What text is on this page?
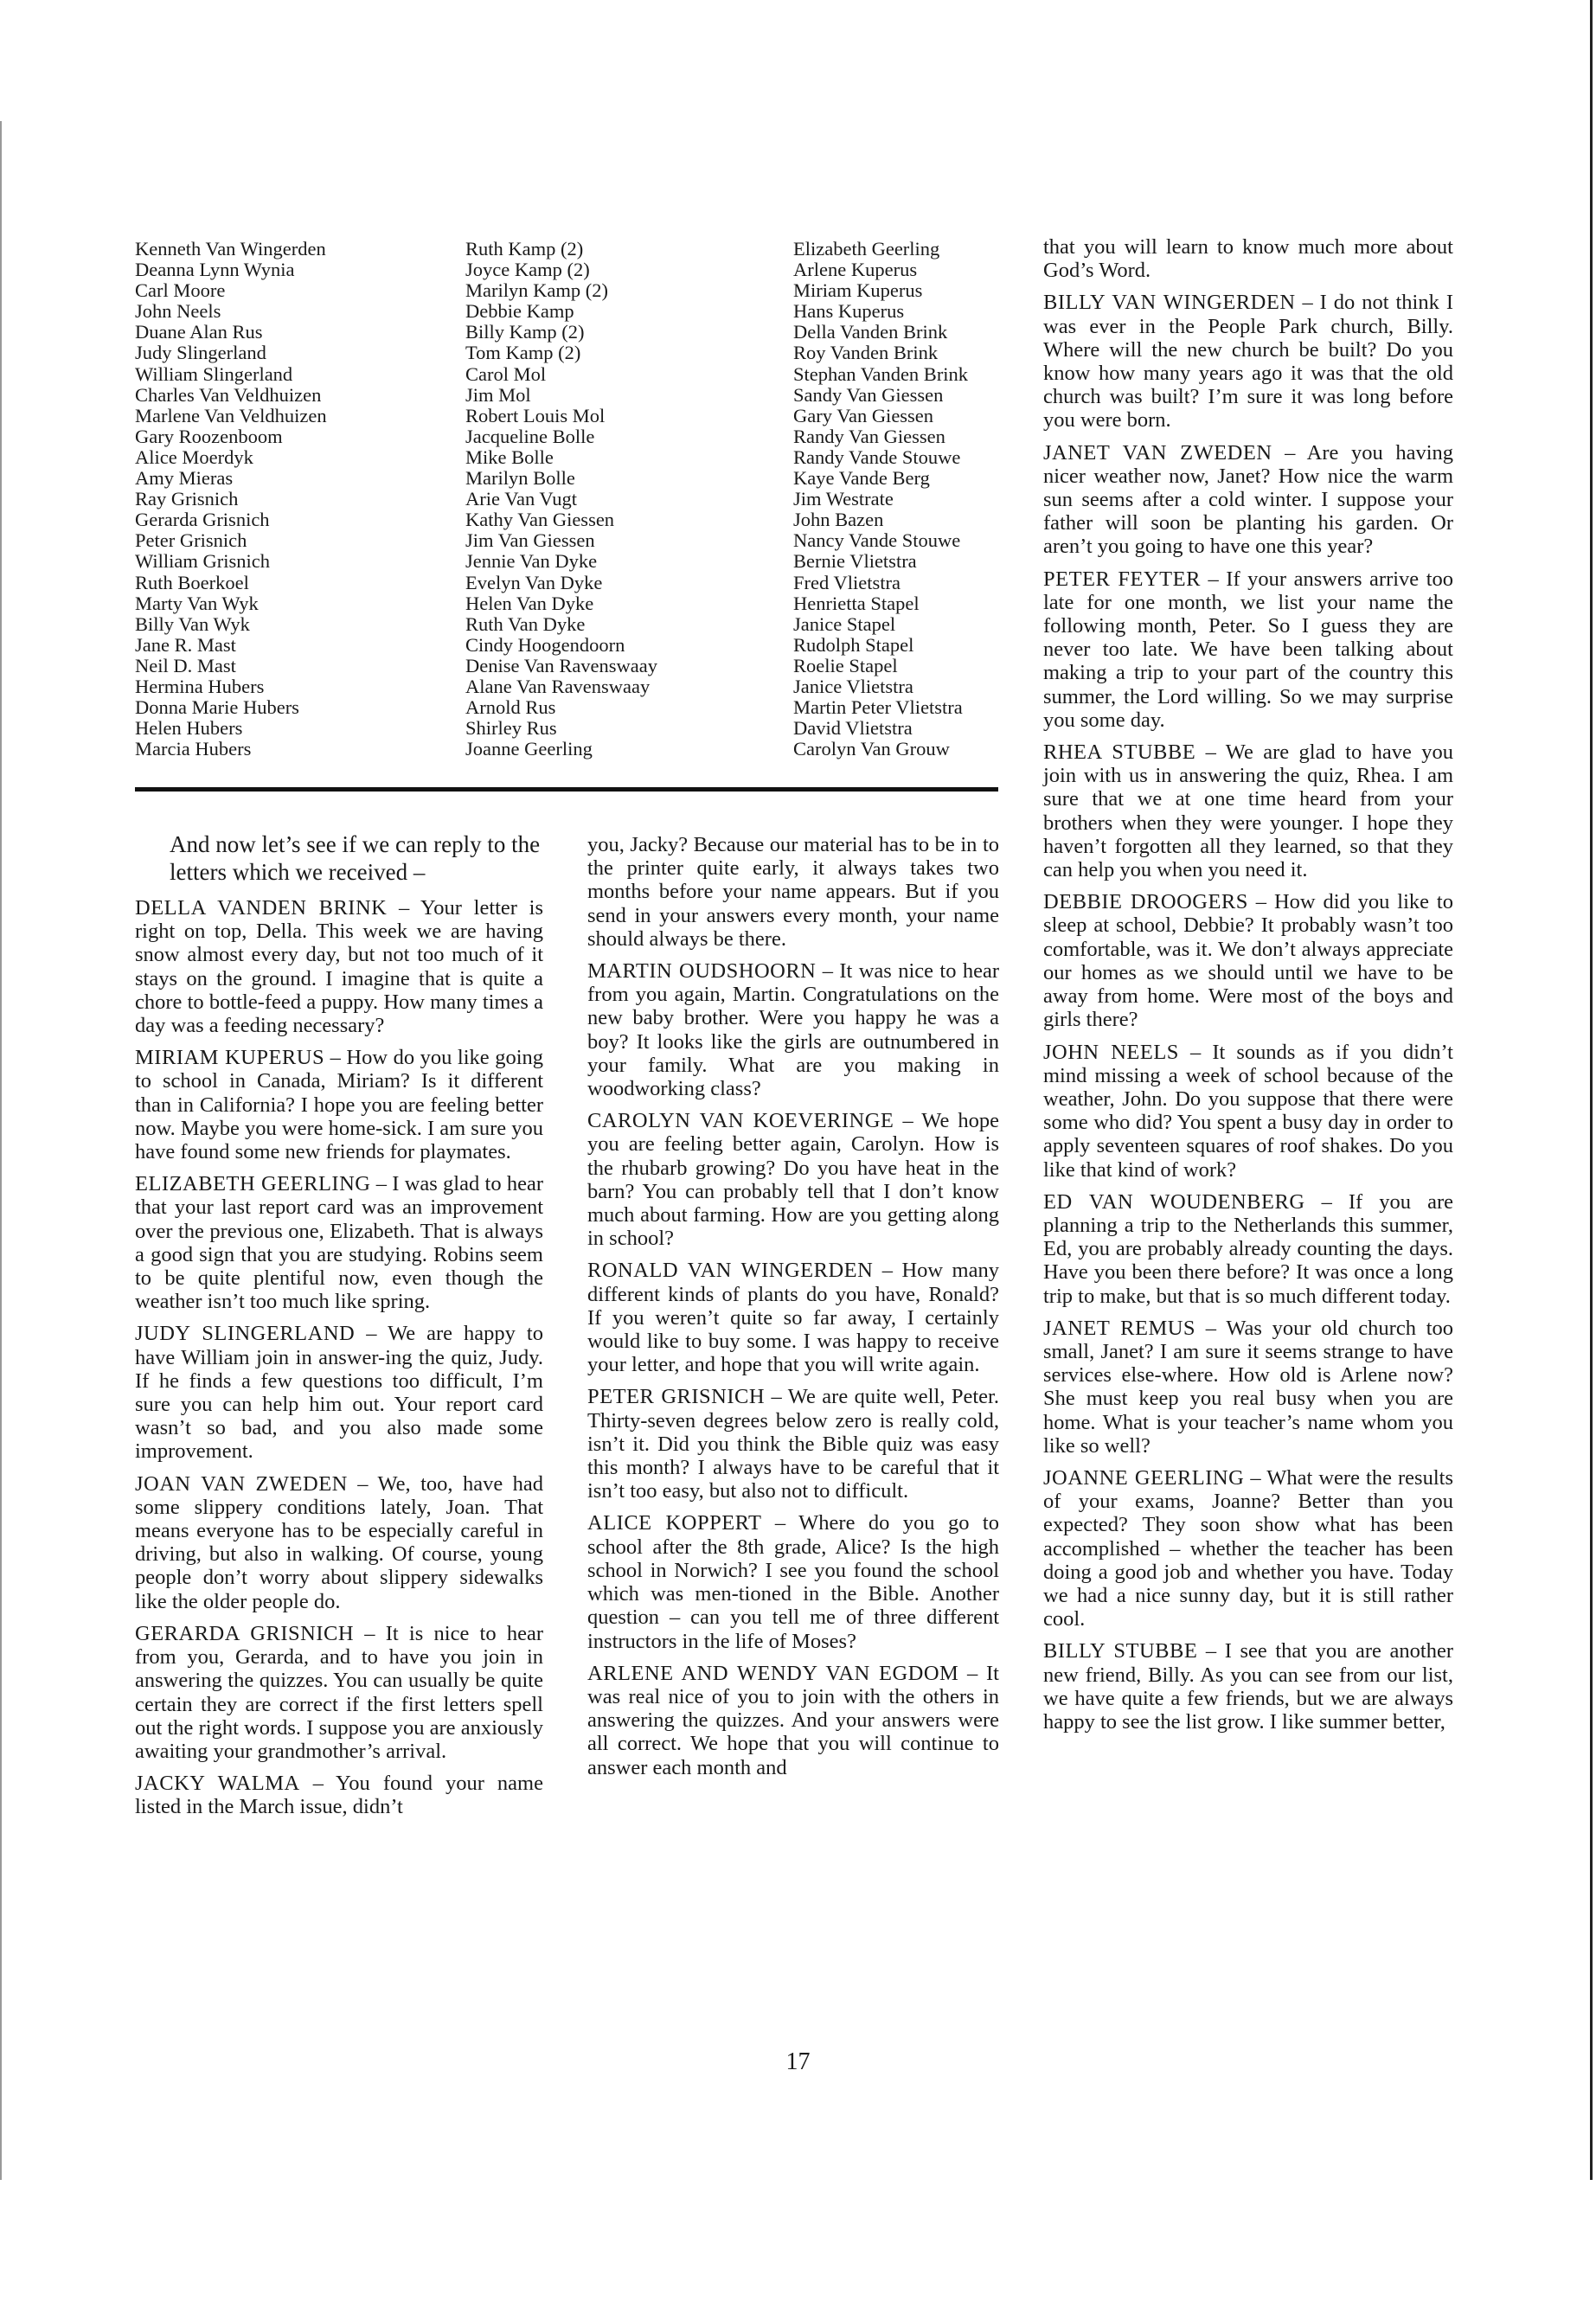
Kenneth Van Wingerden
Deanna Lynn Wynia
Carl Moore
John Neels
Duane Alan Rus
Judy Slingerland
William Slingerland
Charles Van Veldhuizen
Marlene Van Veldhuizen
Gary Roozenboom
Alice Moerdyk
Amy Mieras
Ray Grisnich
Gerarda Grisnich
Peter Grisnich
William Grisnich
Ruth Boerkoel
Marty Van Wyk
Billy Van Wyk
Jane R. Mast
Neil D. Mast
Hermina Hubers
Donna Marie Hubers
Helen Hubers
Marcia Hubers
Ruth Kamp (2)
Joyce Kamp (2)
Marilyn Kamp (2)
Debbie Kamp
Billy Kamp (2)
Tom Kamp (2)
Carol Mol
Jim Mol
Robert Louis Mol
Jacqueline Bolle
Mike Bolle
Marilyn Bolle
Arie Van Vugt
Kathy Van Giessen
Jim Van Giessen
Jennie Van Dyke
Evelyn Van Dyke
Helen Van Dyke
Ruth Van Dyke
Cindy Hoogendoorn
Denise Van Ravenswaay
Alane Van Ravenswaay
Arnold Rus
Shirley Rus
Joanne Geerling
Elizabeth Geerling
Arlene Kuperus
Miriam Kuperus
Hans Kuperus
Della Vanden Brink
Roy Vanden Brink
Stephan Vanden Brink
Sandy Van Giessen
Gary Van Giessen
Randy Van Giessen
Randy Vande Stouwe
Kaye Vande Berg
Jim Westrate
John Bazen
Nancy Vande Stouwe
Bernie Vlietstra
Fred Vlietstra
Henrietta Stapel
Janice Stapel
Rudolph Stapel
Roelie Stapel
Janice Vlietstra
Martin Peter Vlietstra
David Vlietstra
Carolyn Van Grouw

And now let’s see if we can reply to the letters which we received –

DELLA VANDEN BRINK – Your letter is right on top, Della. This week we are having snow almost every day, but not too much of it stays on the ground. I imagine that is quite a chore to bottle-feed a puppy. How many times a day was a feeding necessary?

MIRIAM KUPERUS – How do you like going to school in Canada, Miriam? Is it different than in California? I hope you are feeling better now. Maybe you were home-sick. I am sure you have found some new friends for playmates.

ELIZABETH GEERLING – I was glad to hear that your last report card was an improvement over the previous one, Elizabeth. That is always a good sign that you are studying. Robins seem to be quite plentiful now, even though the weather isn’t too much like spring.

JUDY SLINGERLAND – We are happy to have William join in answer-ing the quiz, Judy. If he finds a few questions too difficult, I’m sure you can help him out. Your report card wasn’t so bad, and you also made some improvement.

JOAN VAN ZWEDEN – We, too, have had some slippery conditions lately, Joan. That means everyone has to be especially careful in driving, but also in walking. Of course, young people don’t worry about slippery sidewalks like the older people do.

GERARDA GRISNICH – It is nice to hear from you, Gerarda, and to have you join in answering the quizzes. You can usually be quite certain they are correct if the first letters spell out the right words. I suppose you are anxiously awaiting your grandmother’s arrival.

JACKY WALMA – You found your name listed in the March issue, didn’t

you, Jacky? Because our material has to be in to the printer quite early, it always takes two months before your name appears. But if you send in your answers every month, your name should always be there.

MARTIN OUDSHOORN – It was nice to hear from you again, Martin. Congratulations on the new baby brother. Were you happy he was a boy? It looks like the girls are outnumbered in your family. What are you making in woodworking class?

CAROLYN VAN KOEVERINGE – We hope you are feeling better again, Carolyn. How is the rhubarb growing? Do you have heat in the barn? You can probably tell that I don’t know much about farming. How are you getting along in school?

RONALD VAN WINGERDEN – How many different kinds of plants do you have, Ronald? If you weren’t quite so far away, I certainly would like to buy some. I was happy to receive your letter, and hope that you will write again.

PETER GRISNICH – We are quite well, Peter. Thirty-seven degrees below zero is really cold, isn’t it. Did you think the Bible quiz was easy this month? I always have to be careful that it isn’t too easy, but also not to difficult.

ALICE KOPPERT – Where do you go to school after the 8th grade, Alice? Is the high school in Norwich? I see you found the school which was men-tioned in the Bible. Another question – can you tell me of three different instructors in the life of Moses?

ARLENE AND WENDY VAN EGDOM – It was real nice of you to join with the others in answering the quizzes. And your answers were all correct. We hope that you will continue to answer each month and

that you will learn to know much more about God’s Word.

BILLY VAN WINGERDEN – I do not think I was ever in the People Park church, Billy. Where will the new church be built? Do you know how many years ago it was that the old church was built? I’m sure it was long before you were born.

JANET VAN ZWEDEN – Are you having nicer weather now, Janet? How nice the warm sun seems after a cold winter. I suppose your father will soon be planting his garden. Or aren’t you going to have one this year?

PETER FEYTER – If your answers arrive too late for one month, we list your name the following month, Peter. So I guess they are never too late. We have been talking about making a trip to your part of the country this summer, the Lord willing. So we may surprise you some day.

RHEA STUBBE – We are glad to have you join with us in answering the quiz, Rhea. I am sure that we at one time heard from your brothers when they were younger. I hope they haven’t forgotten all they learned, so that they can help you when you need it.

DEBBIE DROOGERS – How did you like to sleep at school, Debbie? It probably wasn’t too comfortable, was it. We don’t always appreciate our homes as we should until we have to be away from home. Were most of the boys and girls there?

JOHN NEELS – It sounds as if you didn’t mind missing a week of school because of the weather, John. Do you suppose that there were some who did? You spent a busy day in order to apply seventeen squares of roof shakes. Do you like that kind of work?

ED VAN WOUDENBERG – If you are planning a trip to the Netherlands this summer, Ed, you are probably already counting the days. Have you been there before? It was once a long trip to make, but that is so much different today.

JANET REMUS – Was your old church too small, Janet? I am sure it seems strange to have services else-where. How old is Arlene now? She must keep you real busy when you are home. What is your teacher’s name whom you like so well?

JOANNE GEERLING – What were the results of your exams, Joanne? Better than you expected? They soon show what has been accomplished – whether the teacher has been doing a good job and whether you have. Today we had a nice sunny day, but it is still rather cool.

BILLY STUBBE – I see that you are another new friend, Billy. As you can see from our list, we have quite a few friends, but we are always happy to see the list grow. I like summer better,

17
